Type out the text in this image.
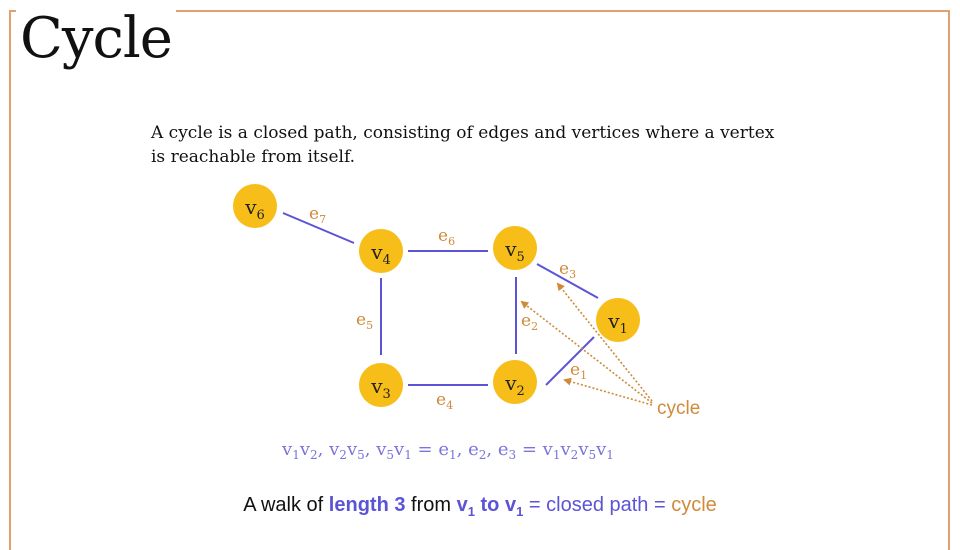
Cycle

A cycle is a closed path, consisting of edges and vertices where a vertex is reachable from itself.

$v_6$
$v_4$	$v_5$
$v_1$
$v_3$	$v_2$
$e_7$
$e_6$
$e_3$
$e_5$	$e_2$
$e_1$
$e_4$	cycle
$v_1v_2$, $v_2v_5$, $v_5v_1 = e_1$, $e_2$, $e_3 = v_1v_2v_5v_1$
A walk of length 3 from $v_1$ to $v_1$ = closed path = cycle
